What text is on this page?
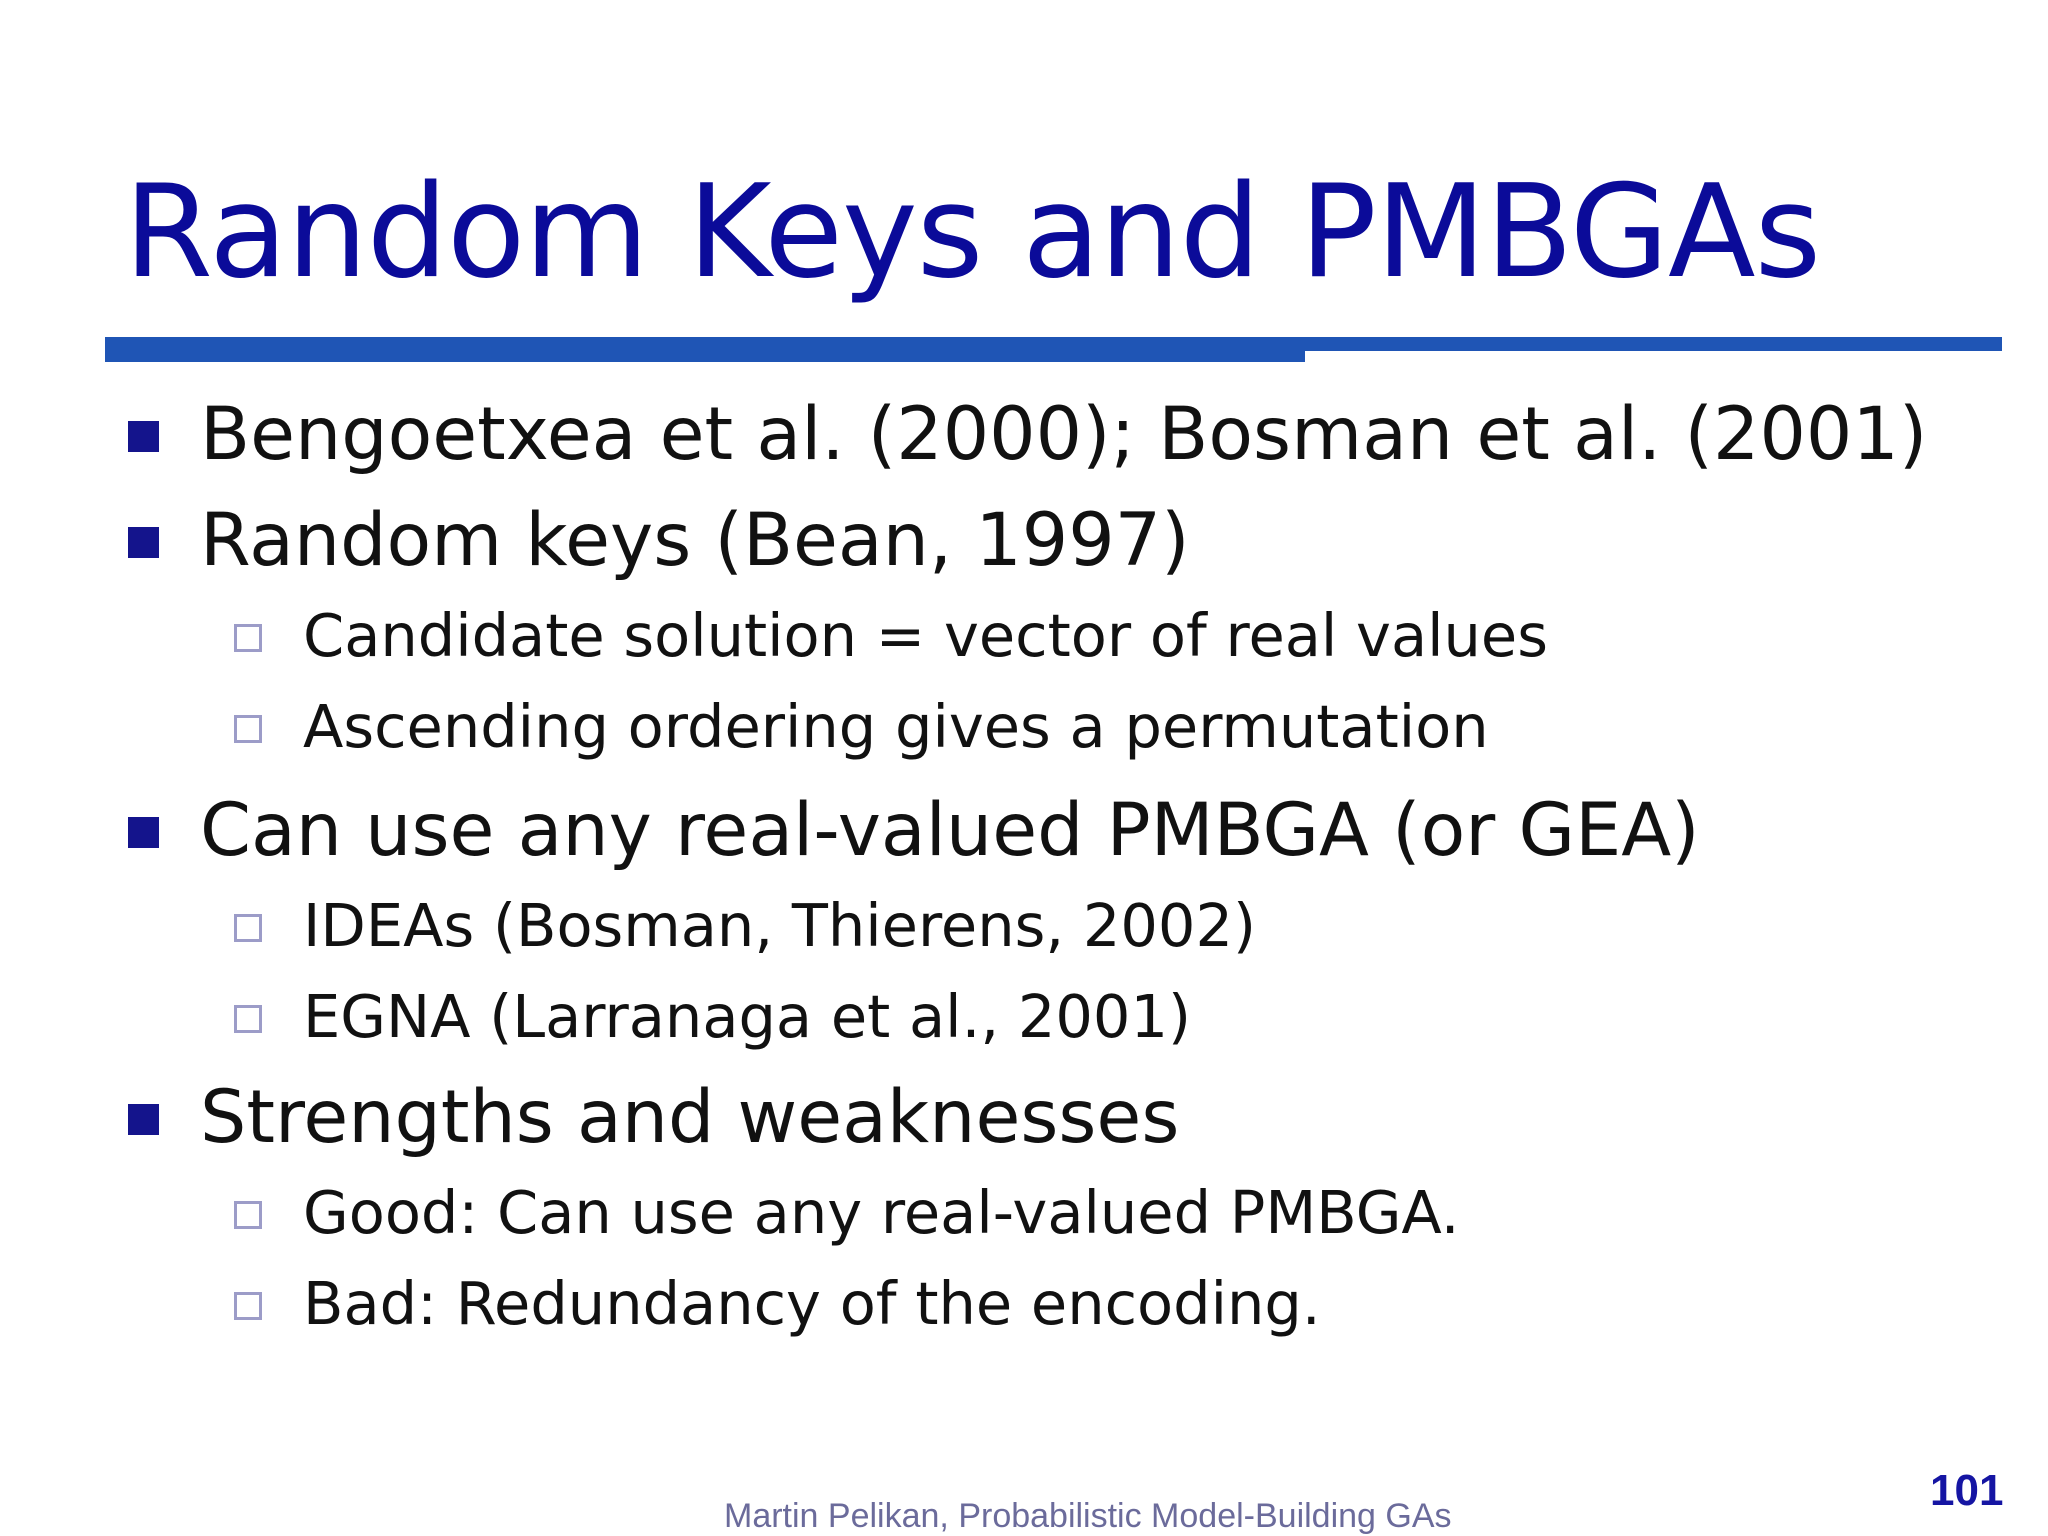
Random Keys and PMBGAs
Bengoetxea et al. (2000); Bosman et al. (2001)
Random keys (Bean, 1997)
Candidate solution = vector of real values
Ascending ordering gives a permutation
Can use any real-valued PMBGA (or GEA)
IDEAs (Bosman, Thierens, 2002)
EGNA (Larranaga et al., 2001)
Strengths and weaknesses
Good: Can use any real-valued PMBGA.
Bad: Redundancy of the encoding.
Martin Pelikan, Probabilistic Model-Building GAs
101
